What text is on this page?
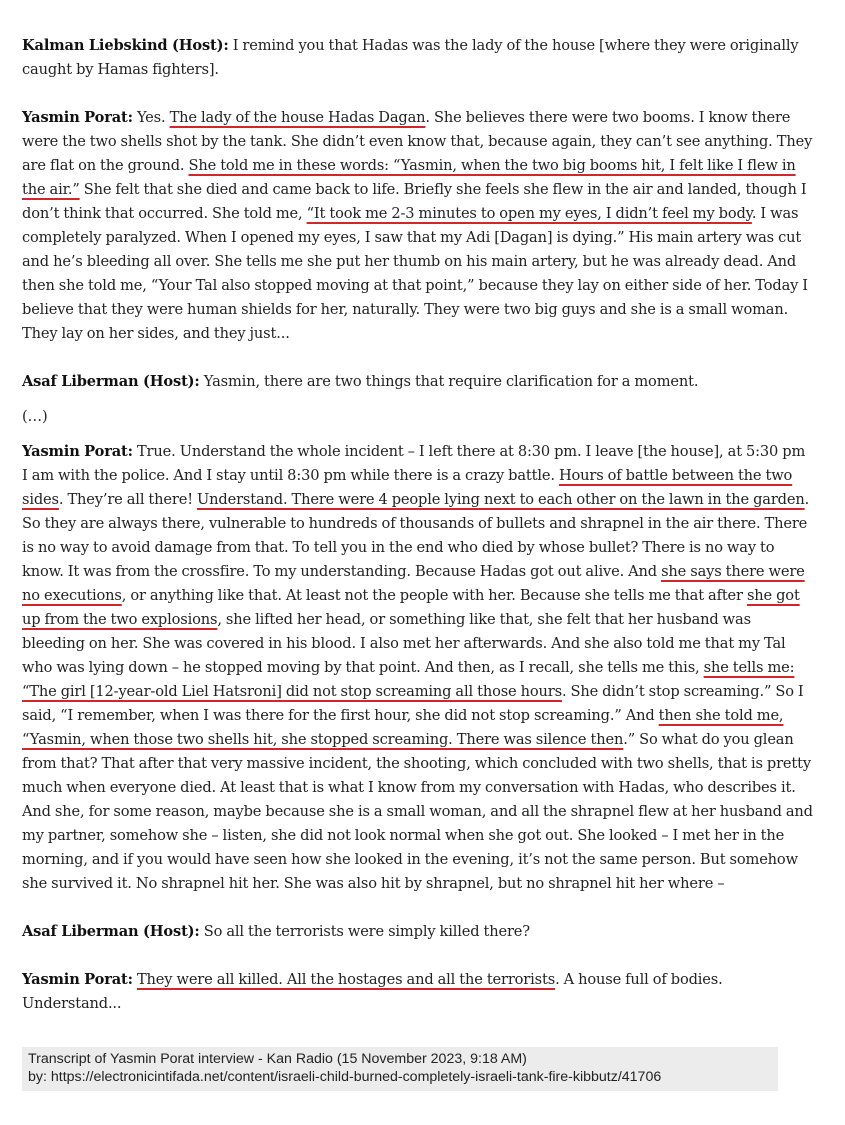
Kalman Liebskind (Host): I remind you that Hadas was the lady of the house [where they were originally caught by Hamas fighters].

Yasmin Porat: Yes. The lady of the house Hadas Dagan. She believes there were two booms. I know there were the two shells shot by the tank. She didn’t even know that, because again, they can’t see anything. They are flat on the ground. She told me in these words: “Yasmin, when the two big booms hit, I felt like I flew in the air.” She felt that she died and came back to life. Briefly she feels she flew in the air and landed, though I don’t think that occurred. She told me, “It took me 2-3 minutes to open my eyes, I didn’t feel my body. I was completely paralyzed. When I opened my eyes, I saw that my Adi [Dagan] is dying.” His main artery was cut and he’s bleeding all over. She tells me she put her thumb on his main artery, but he was already dead. And then she told me, “Your Tal also stopped moving at that point,” because they lay on either side of her. Today I believe that they were human shields for her, naturally. They were two big guys and she is a small woman. They lay on her sides, and they just...

Asaf Liberman (Host): Yasmin, there are two things that require clarification for a moment.

(…)

Yasmin Porat: True. Understand the whole incident – I left there at 8:30 pm. I leave [the house], at 5:30 pm I am with the police. And I stay until 8:30 pm while there is a crazy battle. Hours of battle between the two sides. They’re all there! Understand. There were 4 people lying next to each other on the lawn in the garden. So they are always there, vulnerable to hundreds of thousands of bullets and shrapnel in the air there. There is no way to avoid damage from that. To tell you in the end who died by whose bullet? There is no way to know. It was from the crossfire. To my understanding. Because Hadas got out alive. And she says there were no executions, or anything like that. At least not the people with her. Because she tells me that after she got up from the two explosions, she lifted her head, or something like that, she felt that her husband was bleeding on her. She was covered in his blood. I also met her afterwards. And she also told me that my Tal who was lying down – he stopped moving by that point. And then, as I recall, she tells me this, she tells me: “The girl [12-year-old Liel Hatsroni] did not stop screaming all those hours. She didn’t stop screaming.” So I said, “I remember, when I was there for the first hour, she did not stop screaming.” And then she told me, “Yasmin, when those two shells hit, she stopped screaming. There was silence then.” So what do you glean from that? That after that very massive incident, the shooting, which concluded with two shells, that is pretty much when everyone died. At least that is what I know from my conversation with Hadas, who describes it. And she, for some reason, maybe because she is a small woman, and all the shrapnel flew at her husband and my partner, somehow she – listen, she did not look normal when she got out. She looked – I met her in the morning, and if you would have seen how she looked in the evening, it’s not the same person. But somehow she survived it. No shrapnel hit her. She was also hit by shrapnel, but no shrapnel hit her where –

Asaf Liberman (Host): So all the terrorists were simply killed there?

Yasmin Porat: They were all killed. All the hostages and all the terrorists. A house full of bodies. Understand...

Transcript of Yasmin Porat interview - Kan Radio (15 November 2023, 9:18 AM)
by: https://electronicintifada.net/content/israeli-child-burned-completely-israeli-tank-fire-kibbutz/41706
